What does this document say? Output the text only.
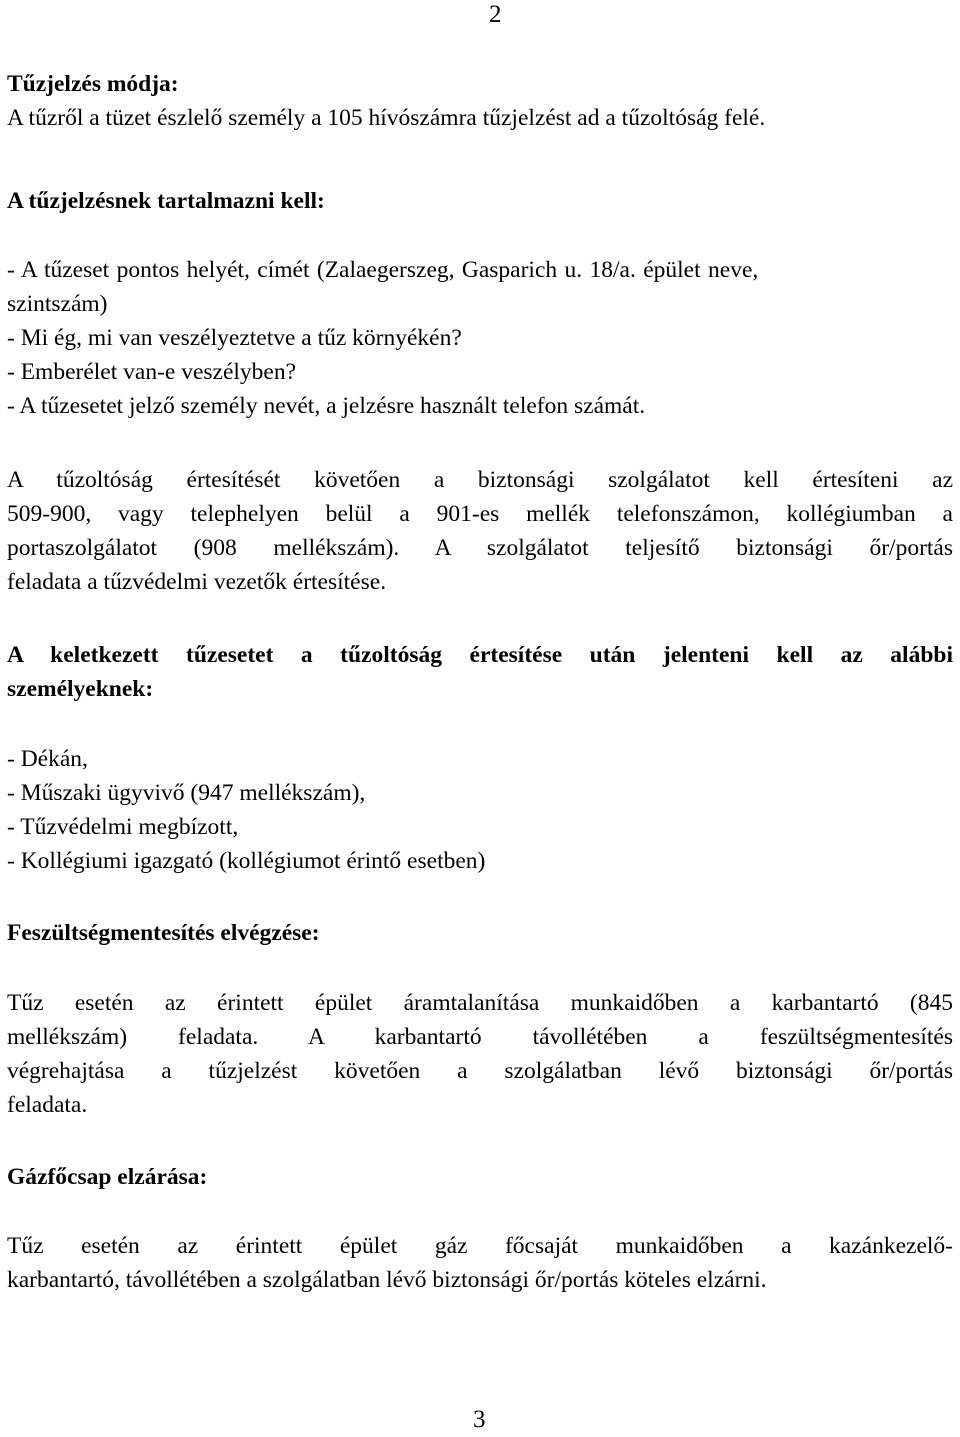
2
Tűzjelzés módja:
A tűzről a tüzet észlelő személy a 105 hívószámra tűzjelzést ad a tűzoltóság felé.
A tűzjelzésnek tartalmazni kell:
- A tűzeset pontos helyét, címét (Zalaegerszeg, Gasparich u. 18/a. épület neve,
szintszám)
- Mi ég, mi van veszélyeztetve a tűz környékén?
- Emberélet van-e veszélyben?
- A tűzesetet jelző személy nevét, a jelzésre használt telefon számát.
A tűzoltóság értesítését követően a biztonsági szolgálatot kell értesíteni az
509-900, vagy telephelyen belül a 901-es mellék telefonszámon, kollégiumban a
portaszolgálatot (908 mellékszám). A szolgálatot teljesítő biztonsági őr/portás
feladata a tűzvédelmi vezetők értesítése.
A keletkezett tűzesetet a tűzoltóság értesítése után jelenteni kell az alábbi
személyeknek:
- Dékán,
- Műszaki ügyvivő (947 mellékszám),
- Tűzvédelmi megbízott,
- Kollégiumi igazgató (kollégiumot érintő esetben)
Feszültségmentesítés elvégzése:
Tűz esetén az érintett épület áramtalanítása munkaidőben a karbantartó (845
mellékszám) feladata. A karbantartó távollétében a feszültségmentesítés
végrehajtása a tűzjelzést követően a szolgálatban lévő biztonsági őr/portás
feladata.
Gázfőcsap elzárása:
Tűz esetén az érintett épület gáz főcsaját munkaidőben a kazánkezelő-
karbantartó, távollétében a szolgálatban lévő biztonsági őr/portás köteles elzárni.
3
